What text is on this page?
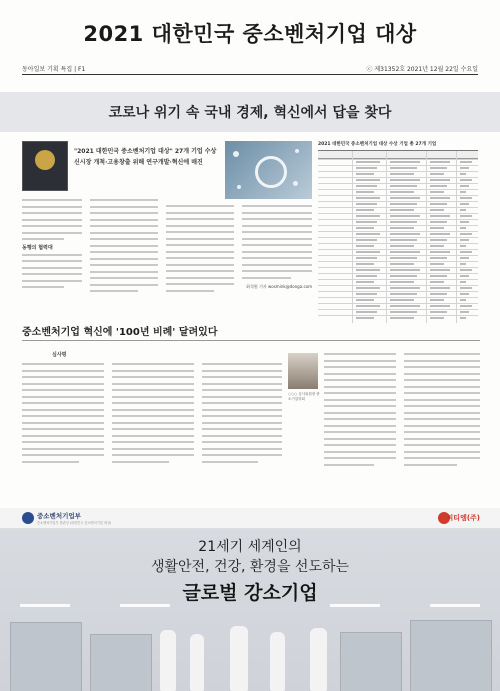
2021 대한민국 중소벤처기업 대상
동아일보 기획 특집 | F1	ⓒ 제31352호 2021년 12월 22일 수요일
코로나 위기 속 국내 경제, 혁신에서 답을 찾다
"2021 대한민국 중소벤처기업 대상" 27개 기업 수상
신시장 개척·고용창출 위해 연구개발·혁신에 매진
동행의 협력대
최석원 기자 wosmink@donga.com
2021 대한민국 중소벤처기업 대상 수상 기업 총 27개 기업
중소벤처기업 혁신에 '100년 비례' 달려있다
심사평
○○○ 심사위원장 중소기업학회
중소벤처기업부
중소벤처기업부 장관상 (대한민국 중소벤처기업 대상)
씨티엠(주)
21세기 세계인의
생활안전, 건강, 환경을 선도하는
글로벌 강소기업
